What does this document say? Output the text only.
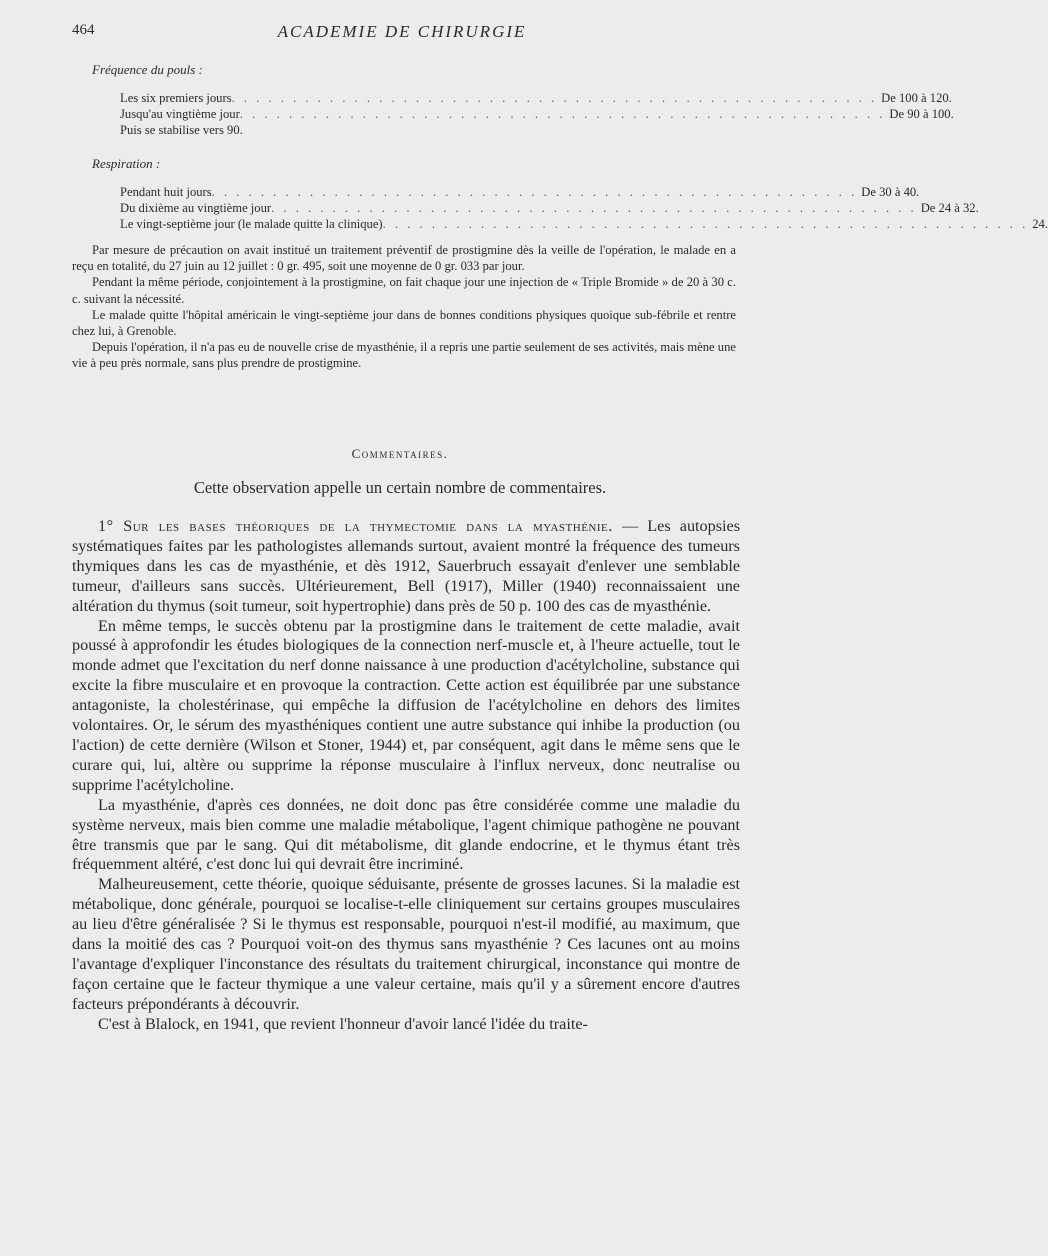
464	ACADEMIE DE CHIRURGIE
Fréquence du pouls :
Les six premiers jours . . . . . . . . . . . . . . . . . . . . . . . . . . . . . . . . . . . . . . . . . . . . . . . . . . . . . De 100 à 120.
Jusqu'au vingtième jour . . . . . . . . . . . . . . . . . . . . . . . . . . . . . . . . . . . . . . . . . . . . . . . . . . . . . De 90 à 100.
Puis se stabilise vers 90.
Respiration :
Pendant huit jours . . . . . . . . . . . . . . . . . . . . . . . . . . . . . . . . . . . . . . . . . . . . . . . . . . . . . De 30 à 40.
Du dixième au vingtième jour . . . . . . . . . . . . . . . . . . . . . . . . . . . . . . . . . . . . . . . . . . . . . . . . . . . . . De 24 à 32.
Le vingt-septième jour (le malade quitte la clinique) . . . . . . . . . . . . . . . . . . . . . . . . . . . . . . . . . . . . . . . . . . . . . . . . . . . . . 24.

Par mesure de précaution on avait institué un traitement préventif de prostigmine dès la veille de l'opération, le malade en a reçu en totalité, du 27 juin au 12 juillet : 0 gr. 495, soit une moyenne de 0 gr. 033 par jour.

Pendant la même période, conjointement à la prostigmine, on fait chaque jour une injection de « Triple Bromide » de 20 à 30 c. c. suivant la nécessité.

Le malade quitte l'hôpital américain le vingt-septième jour dans de bonnes conditions physiques quoique sub-fébrile et rentre chez lui, à Grenoble.

Depuis l'opération, il n'a pas eu de nouvelle crise de myasthénie, il a repris une partie seulement de ses activités, mais mène une vie à peu près normale, sans plus prendre de prostigmine.

Commentaires.
Cette observation appelle un certain nombre de commentaires.

1° Sur les bases théoriques de la thymectomie dans la myasthénie. — Les autopsies systématiques faites par les pathologistes allemands surtout, avaient montré la fréquence des tumeurs thymiques dans les cas de myasthénie, et dès 1912, Sauerbruch essayait d'enlever une semblable tumeur, d'ailleurs sans succès. Ultérieurement, Bell (1917), Miller (1940) reconnaissaient une altération du thymus (soit tumeur, soit hypertrophie) dans près de 50 p. 100 des cas de myasthénie.

En même temps, le succès obtenu par la prostigmine dans le traitement de cette maladie, avait poussé à approfondir les études biologiques de la connection nerf-muscle et, à l'heure actuelle, tout le monde admet que l'excitation du nerf donne naissance à une production d'acétylcholine, substance qui excite la fibre musculaire et en provoque la contraction. Cette action est équilibrée par une substance antagoniste, la cholestérinase, qui empêche la diffusion de l'acétylcholine en dehors des limites volontaires. Or, le sérum des myasthéniques contient une autre substance qui inhibe la production (ou l'action) de cette dernière (Wilson et Stoner, 1944) et, par conséquent, agit dans le même sens que le curare qui, lui, altère ou supprime la réponse musculaire à l'influx nerveux, donc neutralise ou supprime l'acétylcholine.

La myasthénie, d'après ces données, ne doit donc pas être considérée comme une maladie du système nerveux, mais bien comme une maladie métabolique, l'agent chimique pathogène ne pouvant être transmis que par le sang. Qui dit métabolisme, dit glande endocrine, et le thymus étant très fréquemment altéré, c'est donc lui qui devrait être incriminé.

Malheureusement, cette théorie, quoique séduisante, présente de grosses lacunes. Si la maladie est métabolique, donc générale, pourquoi se localise-t-elle cliniquement sur certains groupes musculaires au lieu d'être généralisée ? Si le thymus est responsable, pourquoi n'est-il modifié, au maximum, que dans la moitié des cas ? Pourquoi voit-on des thymus sans myasthénie ? Ces lacunes ont au moins l'avantage d'expliquer l'inconstance des résultats du traitement chirurgical, inconstance qui montre de façon certaine que le facteur thymique a une valeur certaine, mais qu'il y a sûrement encore d'autres facteurs prépondérants à découvrir.

C'est à Blalock, en 1941, que revient l'honneur d'avoir lancé l'idée du traite-
